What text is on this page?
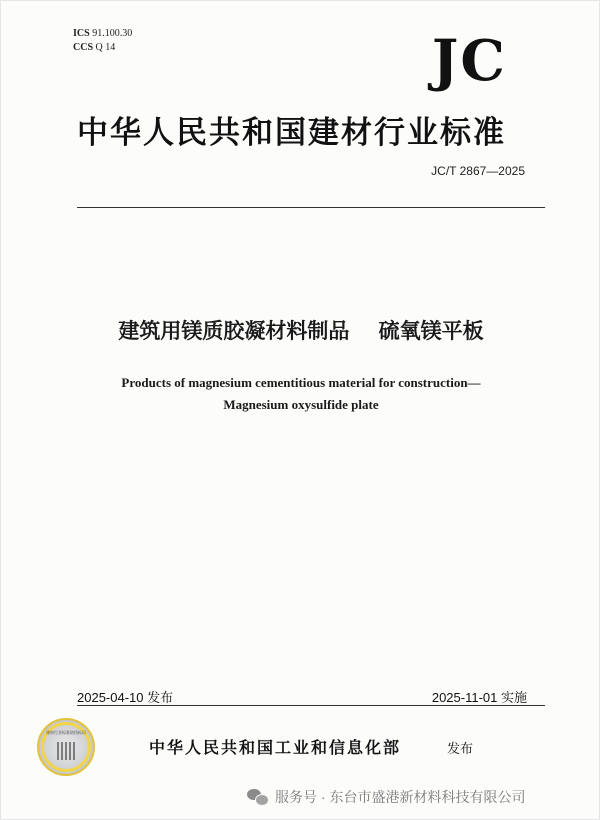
ICS 91.100.30
CCS Q 14	JC
中华人民共和国建材行业标准
JC/T 2867—2025
建筑用镁质胶凝材料制品    硫氧镁平板
Products of magnesium cementitious material for construction—
Magnesium oxysulfide plate
2025-04-10 发布	2025-11-01 实施
建材行业标准防伪标识
中华人民共和国工业和信息化部	发布
服务号 · 东台市盛港新材料科技有限公司
